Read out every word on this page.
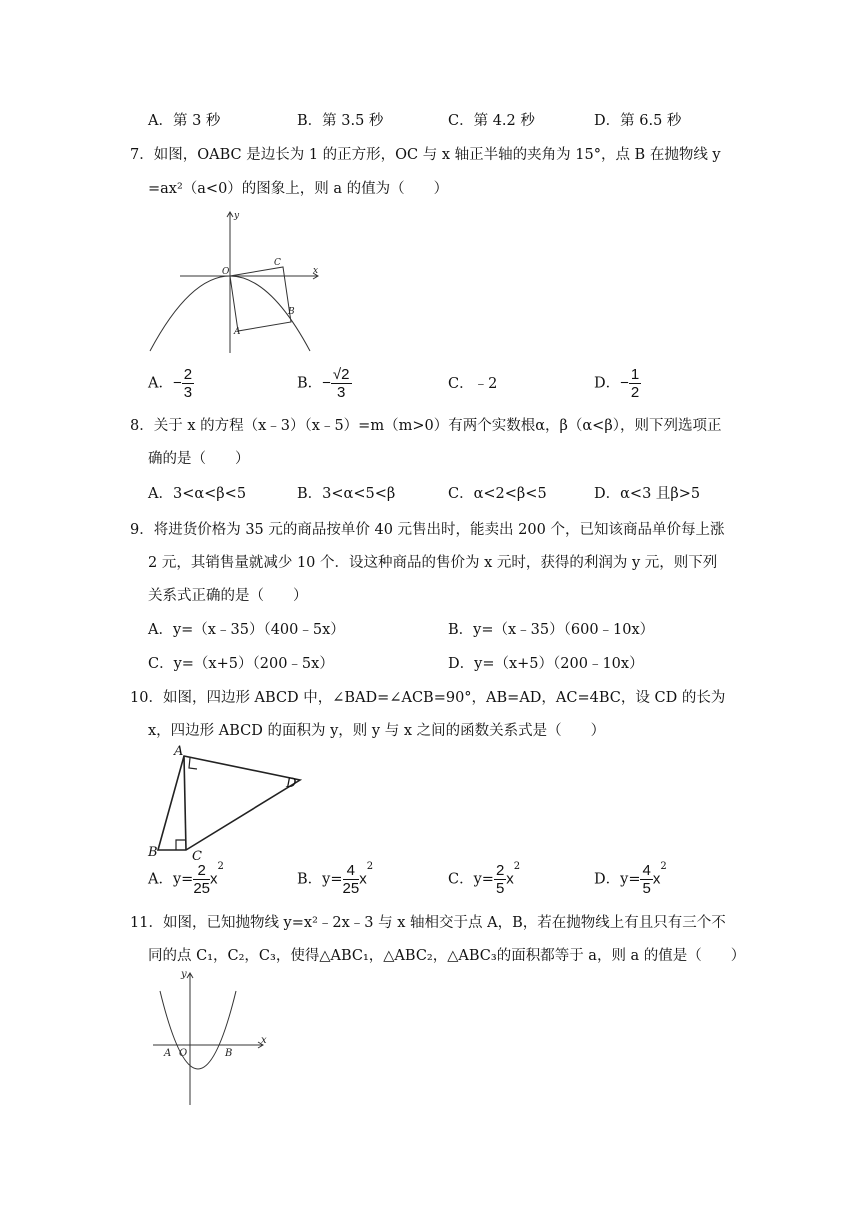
A．第 3 秒	B．第 3.5 秒	C．第 4.2 秒	D．第 6.5 秒
7．如图，OABC 是边长为 1 的正方形，OC 与 x 轴正半轴的夹角为 15°，点 B 在抛物线 y
=ax²（a<0）的图象上，则 a 的值为（　　）
x
y
O
A
B
C
A．− $\frac{2}{3}$	B．− $\frac{√2}{3}$	C．﹣2	D．− $\frac{1}{2}$
8．关于 x 的方程（x﹣3）（x﹣5）=m（m>0）有两个实数根α，β（α<β），则下列选项正
确的是（　　）
A．3<α<β<5	B．3<α<5<β	C．α<2<β<5	D．α<3 且β>5
9．将进货价格为 35 元的商品按单价 40 元售出时，能卖出 200 个，已知该商品单价每上涨
2 元，其销售量就减少 10 个．设这种商品的售价为 x 元时，获得的利润为 y 元，则下列
关系式正确的是（　　）
A．y=（x﹣35）（400﹣5x）	B．y=（x﹣35）（600﹣10x）
C．y=（x+5）（200﹣5x）	D．y=（x+5）（200﹣10x）
10．如图，四边形 ABCD 中，∠BAD=∠ACB=90°，AB=AD，AC=4BC，设 CD 的长为
x，四边形 ABCD 的面积为 y，则 y 与 x 之间的函数关系式是（　　）
A
B	C
D
A．$y= \frac{2}{25} x^2$
B．$y= \frac{4}{25} x^2$
C．$y= \frac{2}{5} x^2$
D．$y= \frac{4}{5} x^2$
11．如图，已知抛物线 y=x²﹣2x﹣3 与 x 轴相交于点 A，B，若在抛物线上有且只有三个不
同的点 C₁，C₂，C₃，使得△ABC₁，△ABC₂，△ABC₃的面积都等于 a，则 a 的值是（　　）
x
y
O
A	B
